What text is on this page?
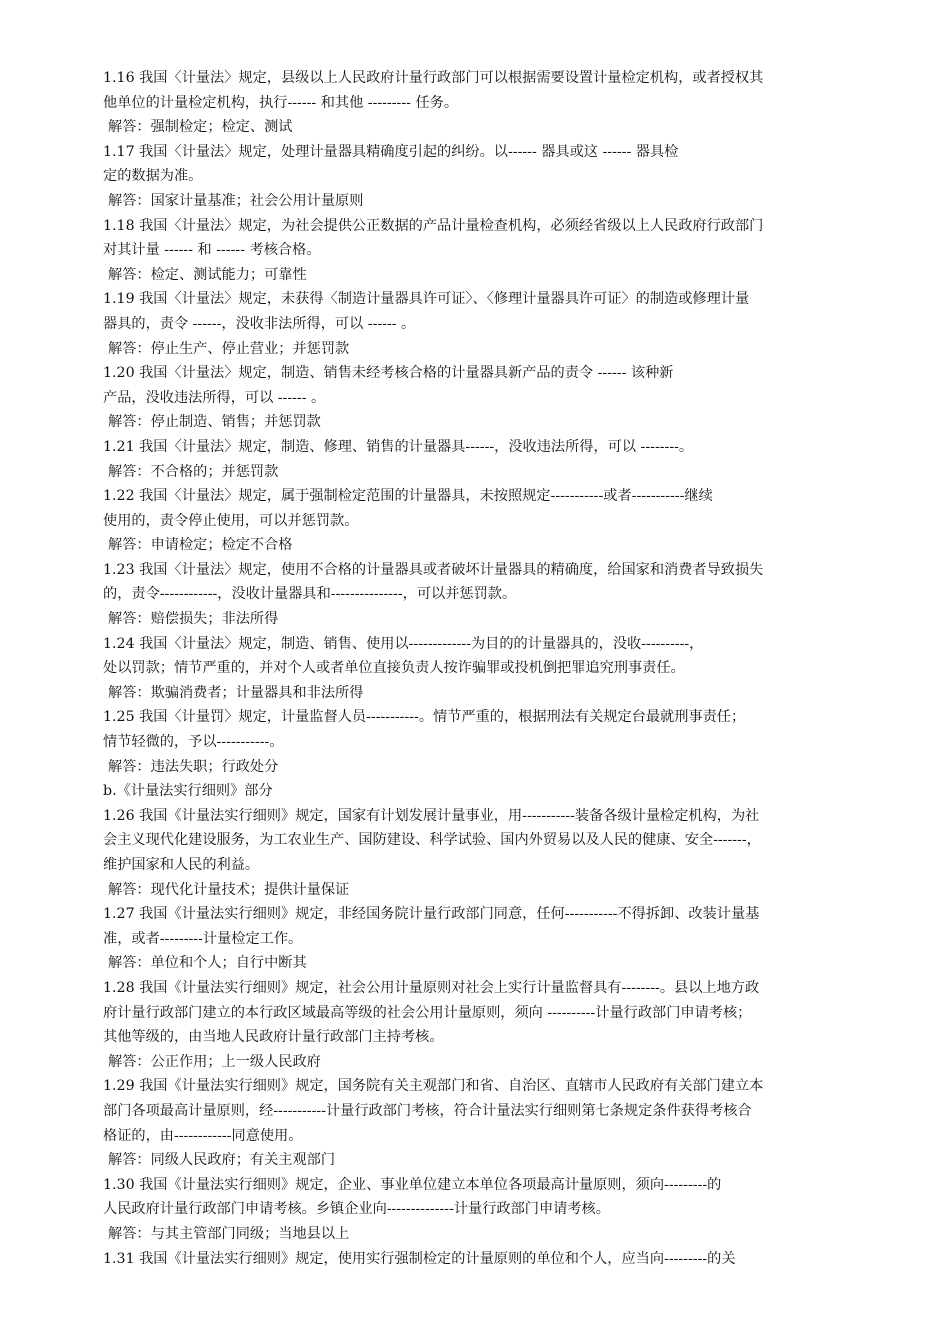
1.16 我国〈计量法〉规定，县级以上人民政府计量行政部门可以根据需要设置计量检定机构，或者授权其
他单位的计量检定机构，执行------ 和其他 --------- 任务。
解答：强制检定；检定、测试
1.17 我国〈计量法〉规定，处理计量器具精确度引起的纠纷。以------ 器具或这 ------ 器具检
定的数据为准。
解答：国家计量基准；社会公用计量原则
1.18 我国〈计量法〉规定，为社会提供公正数据的产品计量检查机构，必须经省级以上人民政府行政部门
对其计量 ------ 和 ------ 考核合格。
解答：检定、测试能力；可靠性
1.19 我国〈计量法〉规定，未获得〈制造计量器具许可证〉、〈修理计量器具许可证〉的制造或修理计量
器具的，责令 ------，没收非法所得，可以 ------ 。
解答：停止生产、停止营业；并惩罚款
1.20 我国〈计量法〉规定，制造、销售未经考核合格的计量器具新产品的责令 ------ 该种新
产品，没收违法所得，可以 ------ 。
解答：停止制造、销售；并惩罚款
1.21 我国〈计量法〉规定，制造、修理、销售的计量器具------，没收违法所得，可以 --------。
解答：不合格的；并惩罚款
1.22 我国〈计量法〉规定，属于强制检定范围的计量器具，未按照规定-----------或者-----------继续
使用的，责令停止使用，可以并惩罚款。
解答：申请检定；检定不合格
1.23 我国〈计量法〉规定，使用不合格的计量器具或者破坏计量器具的精确度，给国家和消费者导致损失
的，责令------------，没收计量器具和---------------，可以并惩罚款。
解答：赔偿损失；非法所得
1.24 我国〈计量法〉规定，制造、销售、使用以-------------为目的的计量器具的，没收----------，
处以罚款；情节严重的，并对个人或者单位直接负责人按诈骗罪或投机倒把罪追究刑事责任。
解答：欺骗消费者；计量器具和非法所得
1.25 我国〈计量罚〉规定，计量监督人员-----------。情节严重的，根据刑法有关规定台最就刑事责任；
情节轻微的，予以-----------。
解答：违法失职；行政处分
b.《计量法实行细则》部分
1.26 我国《计量法实行细则》规定，国家有计划发展计量事业，用-----------装备各级计量检定机构，为社
会主义现代化建设服务，为工农业生产、国防建设、科学试验、国内外贸易以及人民的健康、安全-------，
维护国家和人民的利益。
解答：现代化计量技术；提供计量保证
1.27 我国《计量法实行细则》规定，非经国务院计量行政部门同意，任何-----------不得拆卸、改装计量基
准，或者---------计量检定工作。
解答：单位和个人；自行中断其
1.28 我国《计量法实行细则》规定，社会公用计量原则对社会上实行计量监督具有--------。县以上地方政
府计量行政部门建立的本行政区域最高等级的社会公用计量原则，须向 ----------计量行政部门申请考核；
其他等级的，由当地人民政府计量行政部门主持考核。
解答：公正作用；上一级人民政府
1.29 我国《计量法实行细则》规定，国务院有关主观部门和省、自治区、直辖市人民政府有关部门建立本
部门各项最高计量原则，经-----------计量行政部门考核，符合计量法实行细则第七条规定条件获得考核合
格证的，由------------同意使用。
解答：同级人民政府；有关主观部门
1.30 我国《计量法实行细则》规定，企业、事业单位建立本单位各项最高计量原则，须向---------的
人民政府计量行政部门申请考核。乡镇企业向--------------计量行政部门申请考核。
解答：与其主管部门同级；当地县以上
1.31 我国《计量法实行细则》规定，使用实行强制检定的计量原则的单位和个人，应当向---------的关
